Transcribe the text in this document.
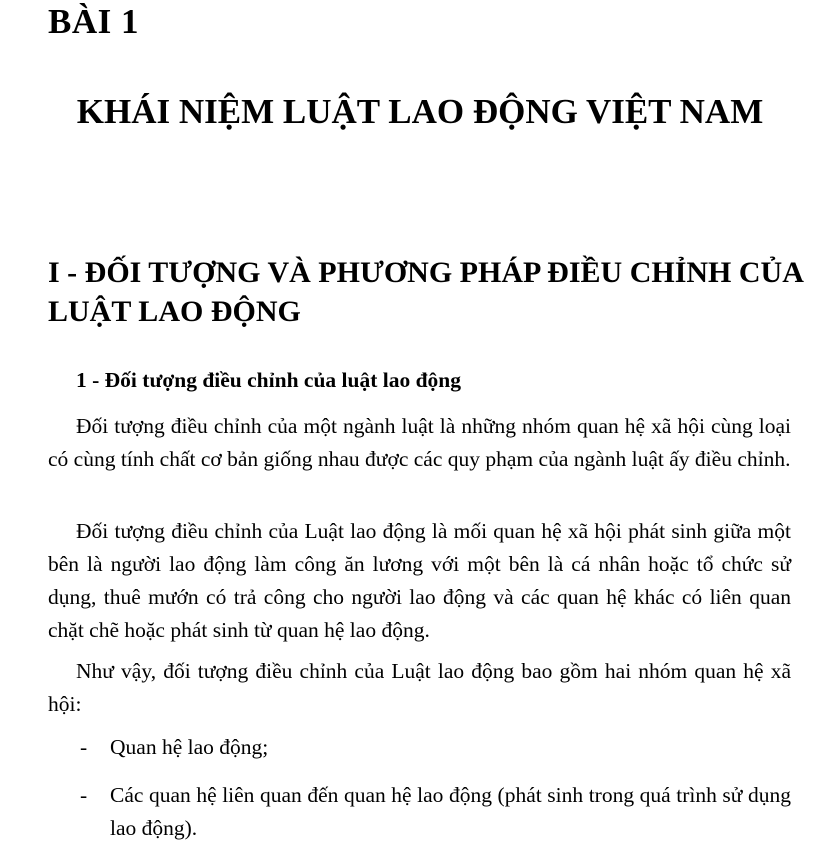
BÀI 1
KHÁI NIỆM LUẬT LAO ĐỘNG VIỆT NAM
I - ĐỐI TƯỢNG VÀ PHƯƠNG PHÁP ĐIỀU CHỈNH CỦA LUẬT LAO ĐỘNG
1 - Đối tượng điều chỉnh của luật lao động

Đối tượng điều chỉnh của một ngành luật là những nhóm quan hệ xã hội cùng loại có cùng tính chất cơ bản giống nhau được các quy phạm của ngành luật ấy điều chỉnh.

Đối tượng điều chỉnh của Luật lao động là mối quan hệ xã hội phát sinh giữa một bên là người lao động làm công ăn lương với một bên là cá nhân hoặc tổ chức sử dụng, thuê mướn có trả công cho người lao động và các quan hệ khác có liên quan chặt chẽ hoặc phát sinh từ quan hệ lao động.

Như vậy, đối tượng điều chỉnh của Luật lao động bao gồm hai nhóm quan hệ xã hội:

- Quan hệ lao động;
- Các quan hệ liên quan đến quan hệ lao động (phát sinh trong quá trình sử dụng lao động).
